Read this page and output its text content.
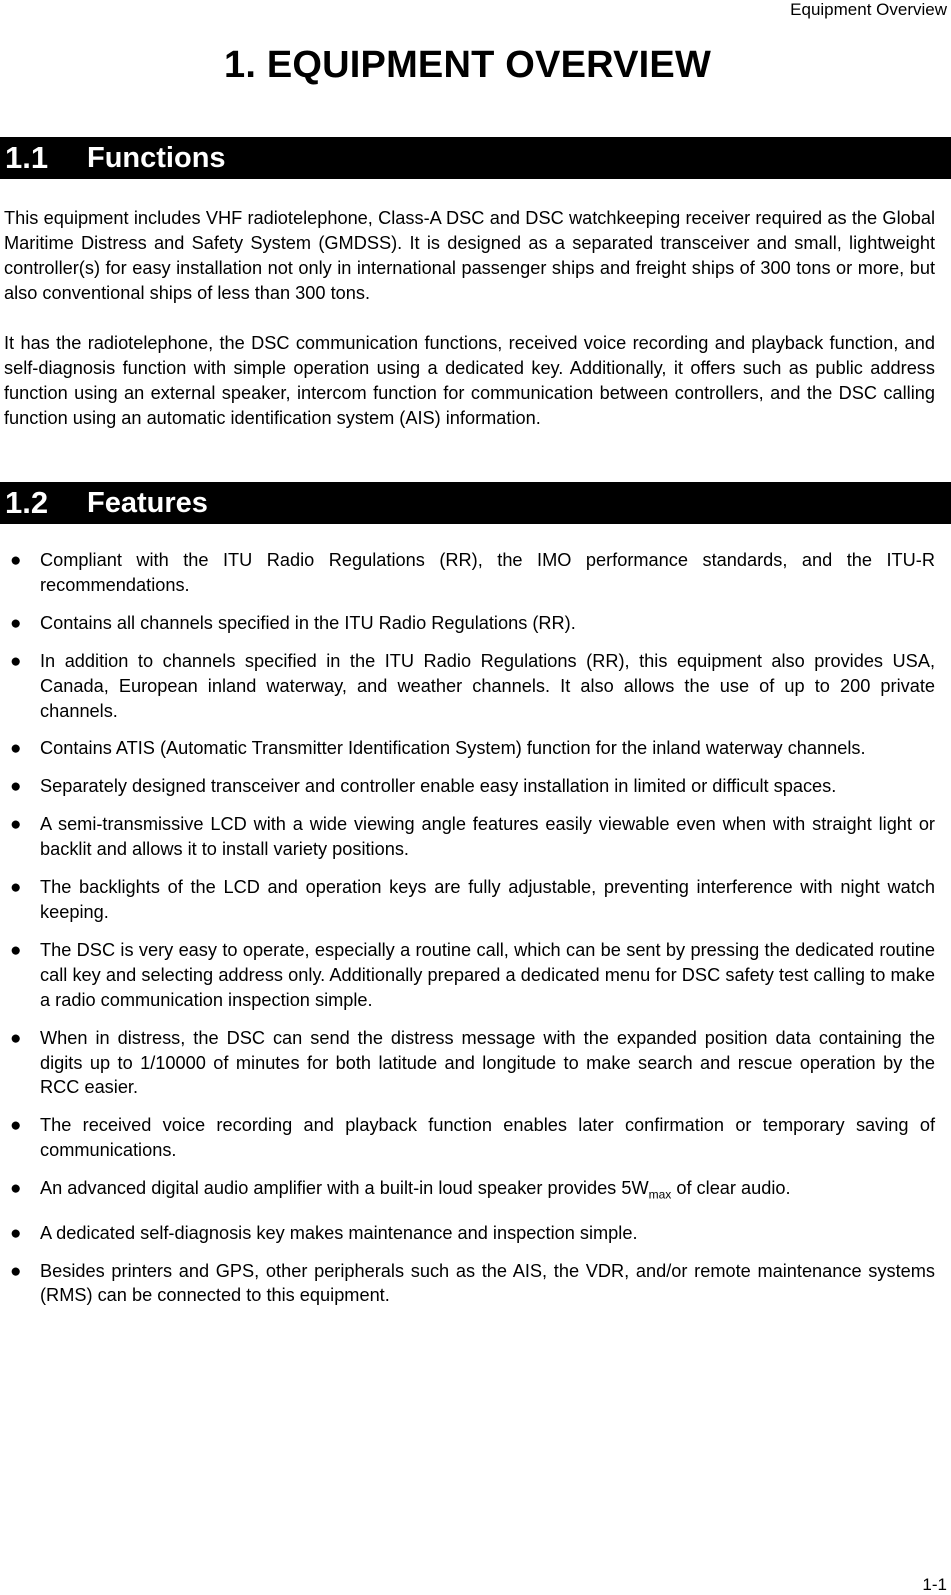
Equipment Overview
1. EQUIPMENT OVERVIEW
1.1	Functions

This equipment includes VHF radiotelephone, Class-A DSC and DSC watchkeeping receiver required as the Global Maritime Distress and Safety System (GMDSS). It is designed as a separated transceiver and small, lightweight controller(s) for easy installation not only in international passenger ships and freight ships of 300 tons or more, but also conventional ships of less than 300 tons.

It has the radiotelephone, the DSC communication functions, received voice recording and playback function, and self-diagnosis function with simple operation using a dedicated key. Additionally, it offers such as public address function using an external speaker, intercom function for communication between controllers, and the DSC calling function using an automatic identification system (AIS) information.

1.2	Features
● Compliant with the ITU Radio Regulations (RR), the IMO performance standards, and the ITU-R recommendations.
● Contains all channels specified in the ITU Radio Regulations (RR).
● In addition to channels specified in the ITU Radio Regulations (RR), this equipment also provides USA, Canada, European inland waterway, and weather channels. It also allows the use of up to 200 private channels.
● Contains ATIS (Automatic Transmitter Identification System) function for the inland waterway channels.
● Separately designed transceiver and controller enable easy installation in limited or difficult spaces.
● A semi-transmissive LCD with a wide viewing angle features easily viewable even when with straight light or backlit and allows it to install variety positions.
● The backlights of the LCD and operation keys are fully adjustable, preventing interference with night watch keeping.
● The DSC is very easy to operate, especially a routine call, which can be sent by pressing the dedicated routine call key and selecting address only. Additionally prepared a dedicated menu for DSC safety test calling to make a radio communication inspection simple.
● When in distress, the DSC can send the distress message with the expanded position data containing the digits up to 1/10000 of minutes for both latitude and longitude to make search and rescue operation by the RCC easier.
● The received voice recording and playback function enables later confirmation or temporary saving of communications.
● An advanced digital audio amplifier with a built-in loud speaker provides $5W_{max}$ of clear audio.
● A dedicated self-diagnosis key makes maintenance and inspection simple.
● Besides printers and GPS, other peripherals such as the AIS, the VDR, and/or remote maintenance systems (RMS) can be connected to this equipment.
1-1
